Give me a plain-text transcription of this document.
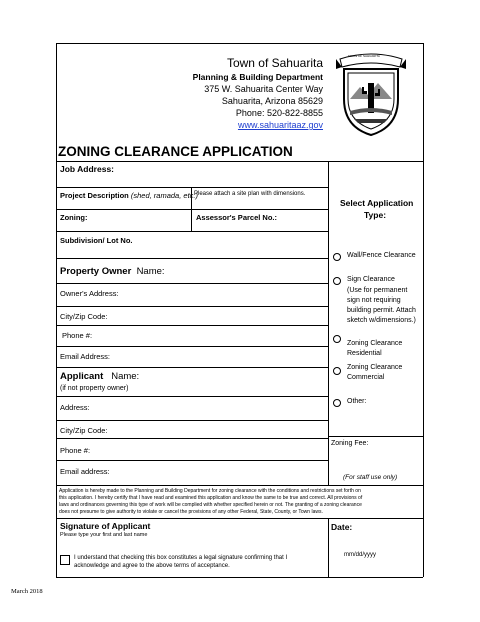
Town of Sahuarita
Planning & Building Department
375 W. Sahuarita Center Way
Sahuarita, Arizona 85629
Phone: 520-822-8855
www.sahuaritaaz.gov
TOWN OF SAHUARITA
ZONING CLEARANCE APPLICATION
Job Address:
Project Description (shed, ramada, etc.)
Please attach a site plan with dimensions.
Zoning:	Assessor's Parcel No.:
Subdivision/ Lot No.
Property Owner Name:
Owner's Address:
City/Zip Code:
Phone #:
Email Address:
Applicant Name:
(if not property owner)
Address:
City/Zip Code:
Phone #:
Email address:
Select Application
Type:
Wall/Fence Clearance
Sign Clearance
(Use for permanent
sign not requiring
building permit. Attach
sketch w/dimensions.)
Zoning Clearance
Residential
Zoning Clearance
Commercial
Other:
Zoning Fee:
(For staff use only)
Application is hereby made to the Planning and Building Department for zoning clearance with the conditions and restrictions set forth on
this application. I hereby certify that I have read and examined this application and know the same to be true and correct. All provisions of
laws and ordinances governing this type of work will be complied with whether specified herein or not. The granting of a zoning clearance
does not presume to give authority to violate or cancel the provisions of any other Federal, State, County, or Town laws.
Signature of Applicant
Please type your first and last name
I understand that checking this box constitutes a legal signature confirming that I
acknowledge and agree to the above terms of acceptance.
Date:
mm/dd/yyyy
March 2018
